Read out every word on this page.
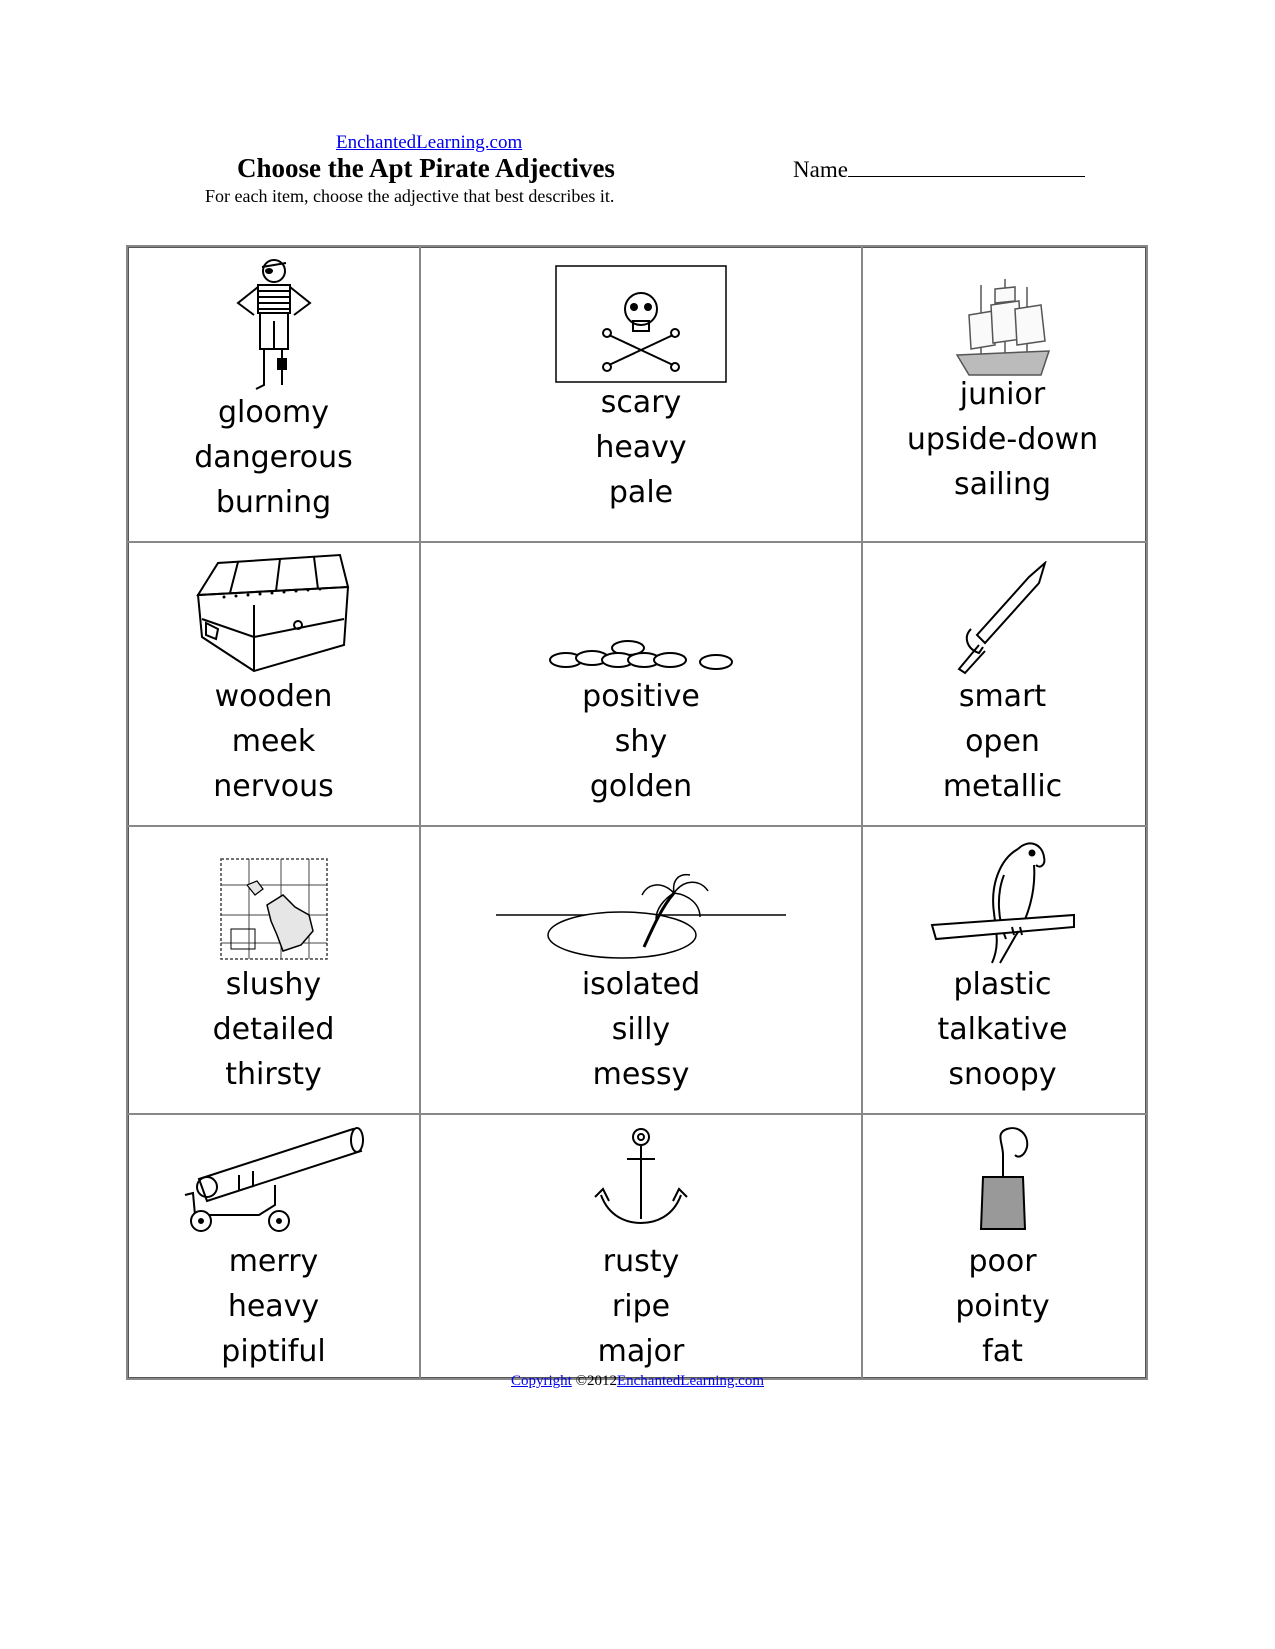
EnchantedLearning.com
Choose the Apt Pirate Adjectives	Name
For each item, choose the adjective that best describes it.
gloomy
dangerous
burning
scary
heavy
pale
junior
upside-down
sailing
wooden
meek
nervous
positive
shy
golden
smart
open
metallic
slushy
detailed
thirsty
isolated
silly
messy
plastic
talkative
snoopy
merry
heavy
piptiful
rusty
ripe
major
poor
pointy
fat
Copyright ©2012EnchantedLearning.com
